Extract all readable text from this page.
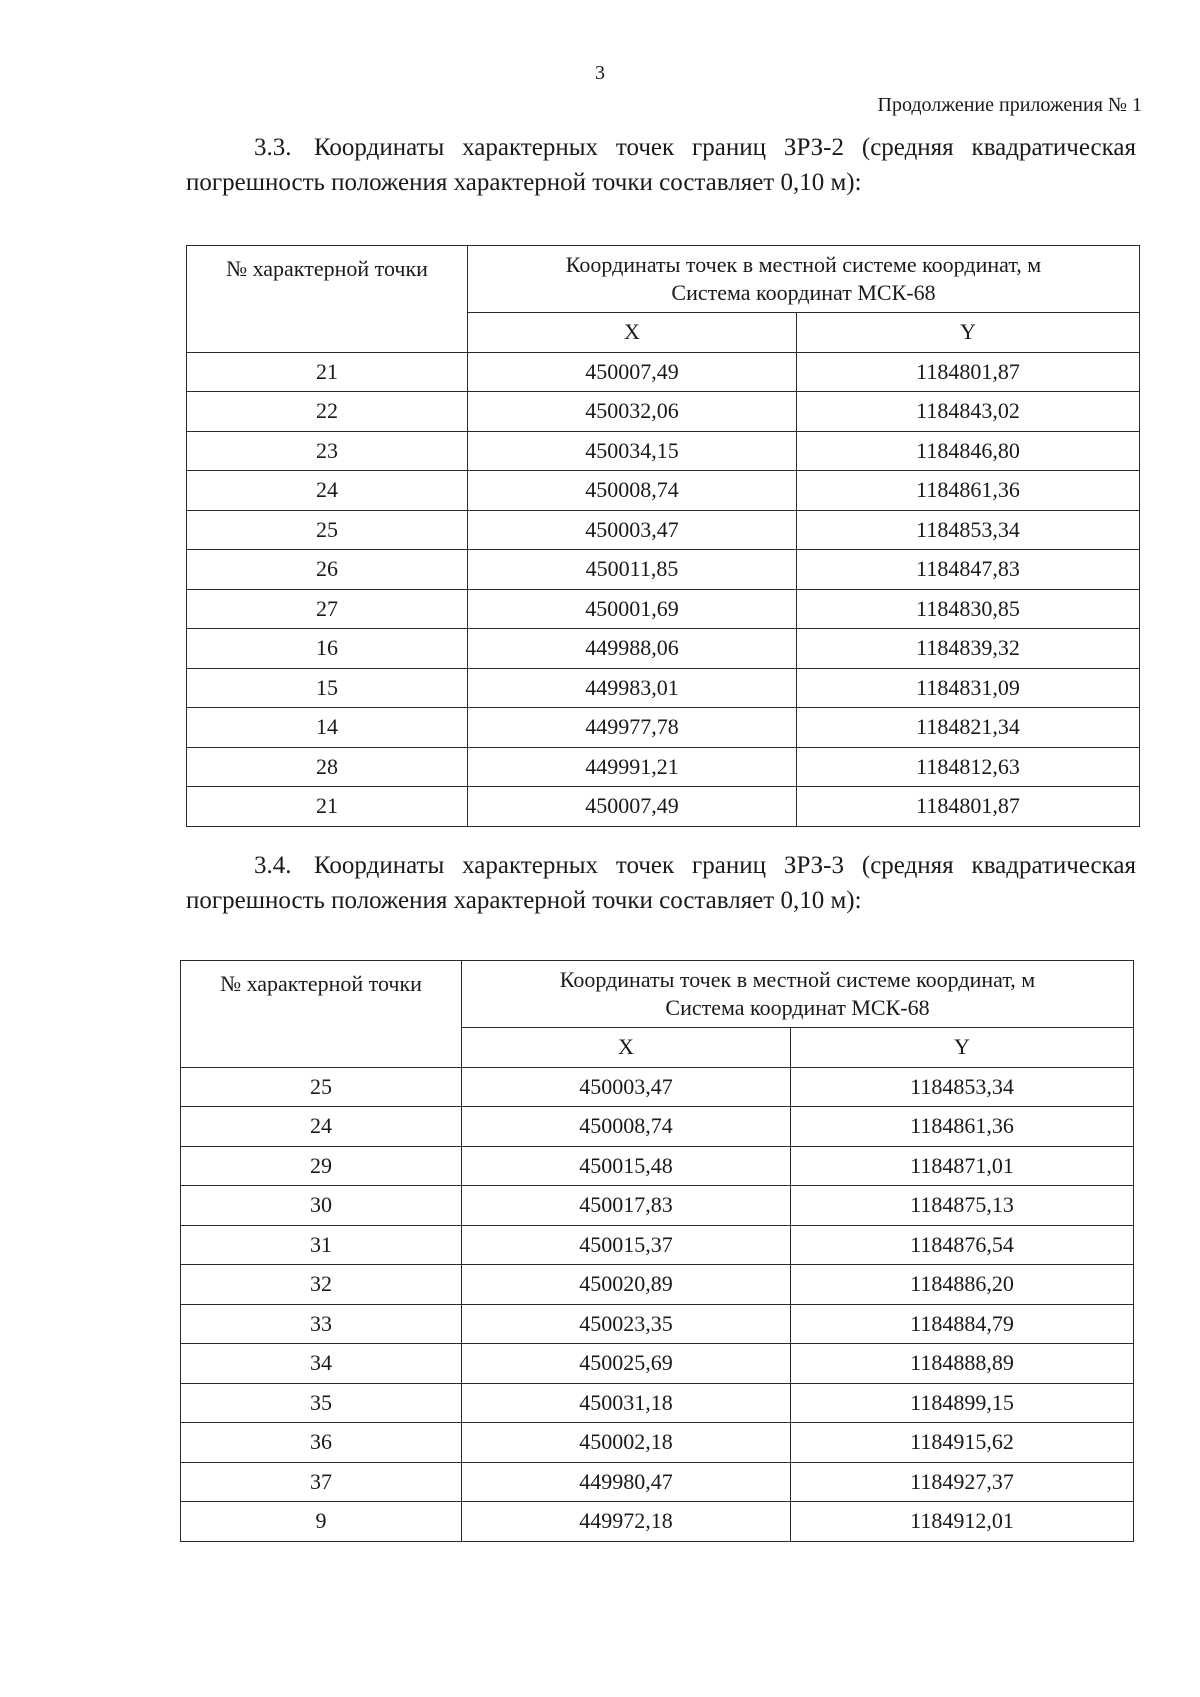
3
Продолжение приложения № 1

3.3. Координаты характерных точек границ ЗРЗ-2 (средняя квадратическая погрешность положения характерной точки составляет 0,10 м):

№ характерной точки	Координаты точек в местной системе координат, м
Система координат МСК-68	
	X	Y
21	450007,49	1184801,87
22	450032,06	1184843,02
23	450034,15	1184846,80
24	450008,74	1184861,36
25	450003,47	1184853,34
26	450011,85	1184847,83
27	450001,69	1184830,85
16	449988,06	1184839,32
15	449983,01	1184831,09
14	449977,78	1184821,34
28	449991,21	1184812,63
21	450007,49	1184801,87

3.4. Координаты характерных точек границ ЗРЗ-3 (средняя квадратическая погрешность положения характерной точки составляет 0,10 м):

№ характерной точки	Координаты точек в местной системе координат, м
Система координат МСК-68	
	X	Y
25	450003,47	1184853,34
24	450008,74	1184861,36
29	450015,48	1184871,01
30	450017,83	1184875,13
31	450015,37	1184876,54
32	450020,89	1184886,20
33	450023,35	1184884,79
34	450025,69	1184888,89
35	450031,18	1184899,15
36	450002,18	1184915,62
37	449980,47	1184927,37
9	449972,18	1184912,01
